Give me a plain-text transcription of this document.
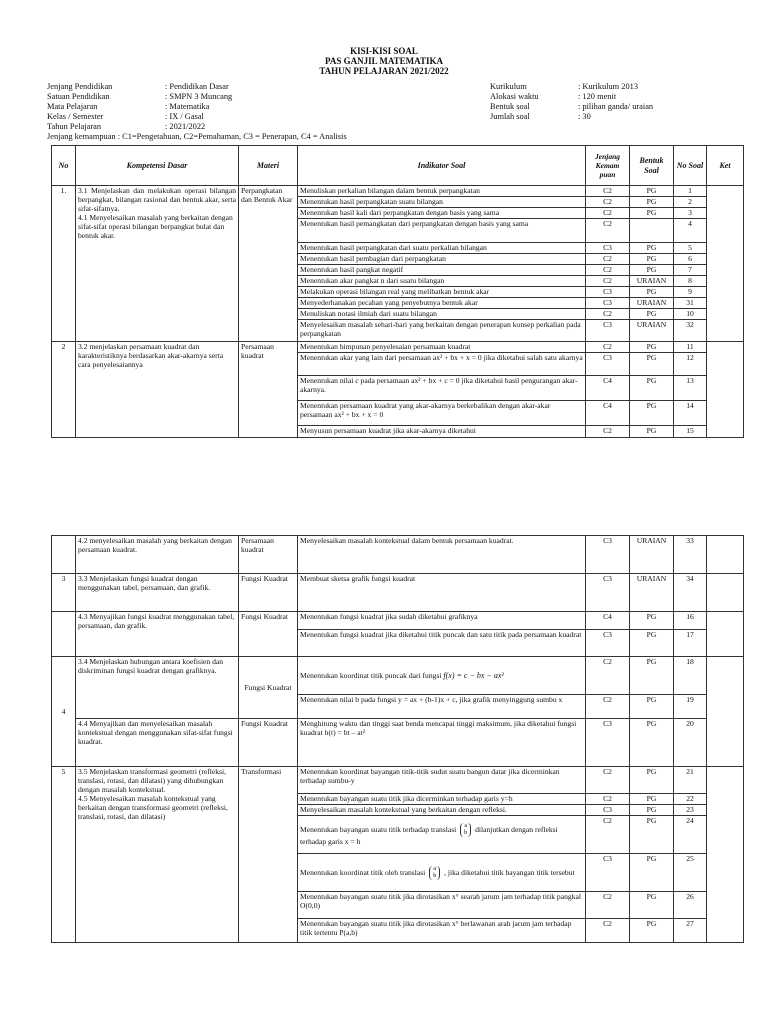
KISI-KISI SOAL
PAS GANJIL MATEMATIKA
TAHUN PELAJARAN 2021/2022
Jenjang Pendidikan	: Pendidikan Dasar
Satuan Pendidikan	: SMPN 3 Muncang
Mata Pelajaran	: Matematika
Kelas / Semester	: IX / Gasal
Tahun Pelajaran	: 2021/2022
Jenjang kemampuan : C1=Pengetahuan, C2=Pemahaman, C3 = Penerapan, C4 = Analisis
Kurikulum	: Kurikulum 2013
Alokasi waktu	: 120 menit
Bentuk soal	: pilihan ganda/ uraian
Jumlah soal	: 30
No	Kompetensi Dasar	Materi	Indikator Soal	Jenjang Kemam puan	Bentuk Soal	No Soal	Ket
1.	3.1 Menjelaskan dan melakukan operasi bilangan berpangkat, bilangan rasional dan bentuk akar, serta sifat-sifatnya.
4.1 Menyelesaikan masalah yang berkaitan dengan sifat-sifat operasi bilangan berpangkat bulat dan bentuk akar.	Perpangkatan dan Bentuk Akar	Menuliskan perkalian bilangan dalam bentuk perpangkatan	C2	PG	1	
			Menentukan hasil perpangkatan suatu bilangan	C2	PG	2	
			Menentukan hasil kali dari perpangkatan dengan basis yang sama	C2	PG	3	
			Menentukan hasil pemangkatan dari perpangkatan dengan basis yang sama	C2		4	
			Menentukan hasil perpangkatan dari suatu perkalian bilangan	C3	PG	5	
			Menentukan hasil pembagian dari perpangkatan	C2	PG	6	
			Menentukan hasil pangkat negatif	C2	PG	7	
			Menentukan akar pangkat n dari suatu bilangan	C2	URAIAN	8	
			Melakukan operasi bilangan real yang melibatkan bentuk akar	C3	PG	9	
			Menyederhanakan pecahan yang penyebutnya bentuk akar	C3	URAIAN	31	
			Menuliskan notasi ilmiah dari suatu bilangan	C2	PG	10	
			Menyelesaikan masalah sehari-hari yang berkaitan dengan penerapan konsep perkalian pada perpangkatan	C3	URAIAN	32	
2	3.2 menjelaskan persamaan kuadrat dan karakteristiknya berdasarkan akar-akarnya serta cara penyelesaiannya	Persamaan kuadrat	Menentukan himpunan penyelesaian persamaan kuadrat	C2	PG	11	
			Menentukan akar yang lain dari persamaan ax² + bx + x = 0 jika diketahui salah satu akarnya	C3	PG	12	
			Menentukan nilai c pada persamaan ax² + bx + c = 0 jika diketahui hasil pengurangan akar-akarnya.	C4	PG	13	
			Menentukan persamaan kuadrat yang akar-akarnya berkebalikan dengan akar-akar persamaan ax² + bx + x = 0	C4	PG	14	
			Menyusun persamaan kuadrat jika akar-akarnya diketahui	C2	PG	15	
	4.2 menyelesaikan masalah yang berkaitan dengan persamaan kuadrat.	Persamaan kuadrat	Menyelesaikan masalah kontekstual dalam bentuk persamaan kuadrat.	C3	URAIAN	33	
3	3.3 Menjelaskan fungsi kuadrat dengan menggunakan tabel, persamaan, dan grafik.	Fungsi Kuadrat	Membuat sketsa grafik fungsi kuadrat	C3	URAIAN	34	
	4.3 Menyajikan fungsi kuadrat menggunakan tabel, persamaan, dan grafik.	Fungsi Kuadrat	Menentukan fungsi kuadrat jika sudah diketahui grafiknya	C4	PG	16	
			Menentukan fungsi kuadrat jika diketahui titik puncak dan satu titik pada persamaan kuadrat	C3	PG	17	
4	3.4 Menjelaskan hubungan antara koefisien dan diskriminan fungsi kuadrat dengan grafiknya.	Fungsi Kuadrat	Menentukan koordinat titik puncak dari fungsi f(x) = c − bx − ax²	C2	PG	18	
			Menentukan nilai b pada fungsi y = ax + (b-1)x + c, jika grafik menyinggung sumbu x	C2	PG	19	
	4.4 Menyajikan dan menyelesaikan masalah kontekstual dengan menggunakan sifat-sifat fungsi kuadrat.	Fungsi Kuadrat	Menghitung waktu dan tinggi saat benda mencapai tinggi maksimum, jika diketahui fungsi kuadrat h(t) = bt – at²	C3	PG	20	
5	3.5 Menjelaskan transformasi geometri (refleksi, translasi, rotasi, dan dilatasi) yang dihubungkan dengan masalah kontekstual.
4.5 Menyelesaikan masalah kontekstual yang berkaitan dengan transformasi geometri (refleksi, translasi, rotasi, dan dilatasi)	Transformasi	Menentukan koordinat bayangan titik-titik sudut suatu bangun datar jika dicerminkan terhadap sumbu-y	C2	PG	21	
			Menentukan bayangan suatu titik jika dicerminkan terhadap garis y=h	C2	PG	22	
			Menyelesaikan masalah kontekstual yang berkaitan dengan refleksi.	C3	PG	23	
			Menentukan bayangan suatu titik terhadap translasi a
b dilanjutkan dengan refleksi terhadap garis x = h	C2	PG	24	
			Menentukan koordinat titik oleh translasi a
b , jika diketahui titik bayangan titik tersebut	C3	PG	25	
			Menentukan bayangan suatu titik jika dirotasikan x° searah jarum jam terhadap titik pangkal O(0,0)	C2	PG	26	
			Menentukan bayangan suatu titik jika dirotasikan x° berlawanan arah jarum jam terhadap titik tertentu P(a,b)	C2	PG	27	
